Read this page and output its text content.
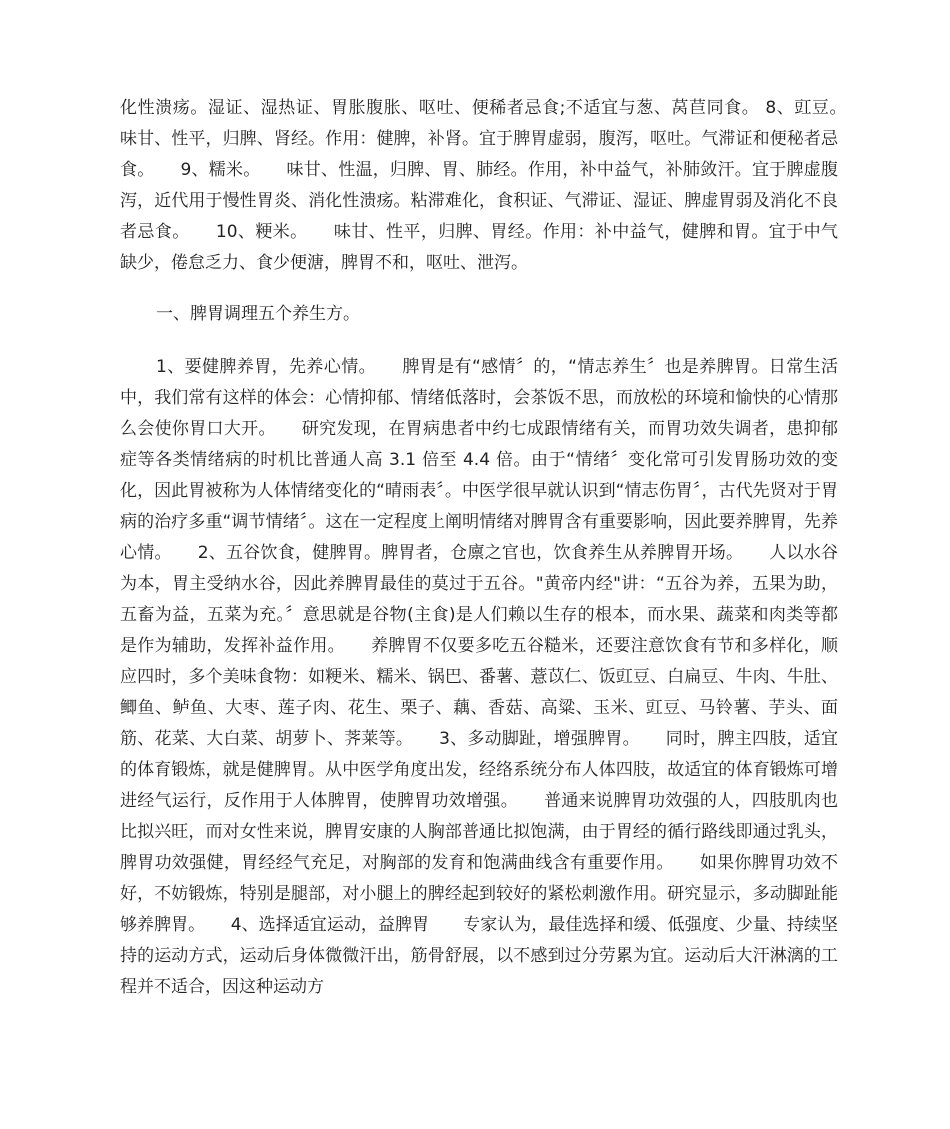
化性溃疡。湿证、湿热证、胃胀腹胀、呕吐、便稀者忌食;不适宜与葱、莴苣同食。 8、豇豆。　　味甘、性平，归脾、肾经。作用：健脾，补肾。宜于脾胃虚弱，腹泻，呕吐。气滞证和便秘者忌食。　　9、糯米。　　味甘、性温，归脾、胃、肺经。作用，补中益气，补肺敛汗。宜于脾虚腹泻，近代用于慢性胃炎、消化性溃疡。粘滞难化，食积证、气滞证、湿证、脾虚胃弱及消化不良者忌食。　　10、粳米。　　味甘、性平，归脾、胃经。作用：补中益气，健脾和胃。宜于中气缺少，倦怠乏力、食少便溏，脾胃不和，呕吐、泄泻。

一、脾胃调理五个养生方。

1、要健脾养胃，先养心情。　　脾胃是有“感情〞的，“情志养生〞也是养脾胃。日常生活中，我们常有这样的体会：心情抑郁、情绪低落时，会茶饭不思，而放松的环境和愉快的心情那么会使你胃口大开。　　研究发现，在胃病患者中约七成跟情绪有关，而胃功效失调者，患抑郁症等各类情绪病的时机比普通人高 3.1 倍至 4.4 倍。由于“情绪〞变化常可引发胃肠功效的变化，因此胃被称为人体情绪变化的“晴雨表〞。中医学很早就认识到“情志伤胃〞，古代先贤对于胃病的治疗多重“调节情绪〞。这在一定程度上阐明情绪对脾胃含有重要影响，因此要养脾胃，先养心情。　　2、五谷饮食，健脾胃。脾胃者，仓廪之官也，饮食养生从养脾胃开场。　　人以水谷为本，胃主受纳水谷，因此养脾胃最佳的莫过于五谷。"黄帝内经"讲：“五谷为养，五果为助，五畜为益，五菜为充。〞意思就是谷物(主食)是人们赖以生存的根本，而水果、蔬菜和肉类等都是作为辅助，发挥补益作用。　　养脾胃不仅要多吃五谷糙米，还要注意饮食有节和多样化，顺应四时，多个美味食物：如粳米、糯米、锅巴、番薯、薏苡仁、饭豇豆、白扁豆、牛肉、牛肚、鲫鱼、鲈鱼、大枣、莲子肉、花生、栗子、藕、香菇、高粱、玉米、豇豆、马铃薯、芋头、面筋、花菜、大白菜、胡萝卜、荠莱等。　　3、多动脚趾，增强脾胃。　　同时，脾主四肢，适宜的体育锻炼，就是健脾胃。从中医学角度出发，经络系统分布人体四肢，故适宜的体育锻炼可增进经气运行，反作用于人体脾胃，使脾胃功效增强。　　普通来说脾胃功效强的人，四肢肌肉也比拟兴旺，而对女性来说，脾胃安康的人胸部普通比拟饱满，由于胃经的循行路线即通过乳头，脾胃功效强健，胃经经气充足，对胸部的发育和饱满曲线含有重要作用。　　如果你脾胃功效不好，不妨锻炼，特别是腿部，对小腿上的脾经起到较好的紧松刺激作用。研究显示，多动脚趾能够养脾胃。　　4、选择适宜运动，益脾胃　　专家认为，最佳选择和缓、低强度、少量、持续坚持的运动方式，运动后身体微微汗出，筋骨舒展，以不感到过分劳累为宜。运动后大汗淋漓的工程并不适合，因这种运动方
